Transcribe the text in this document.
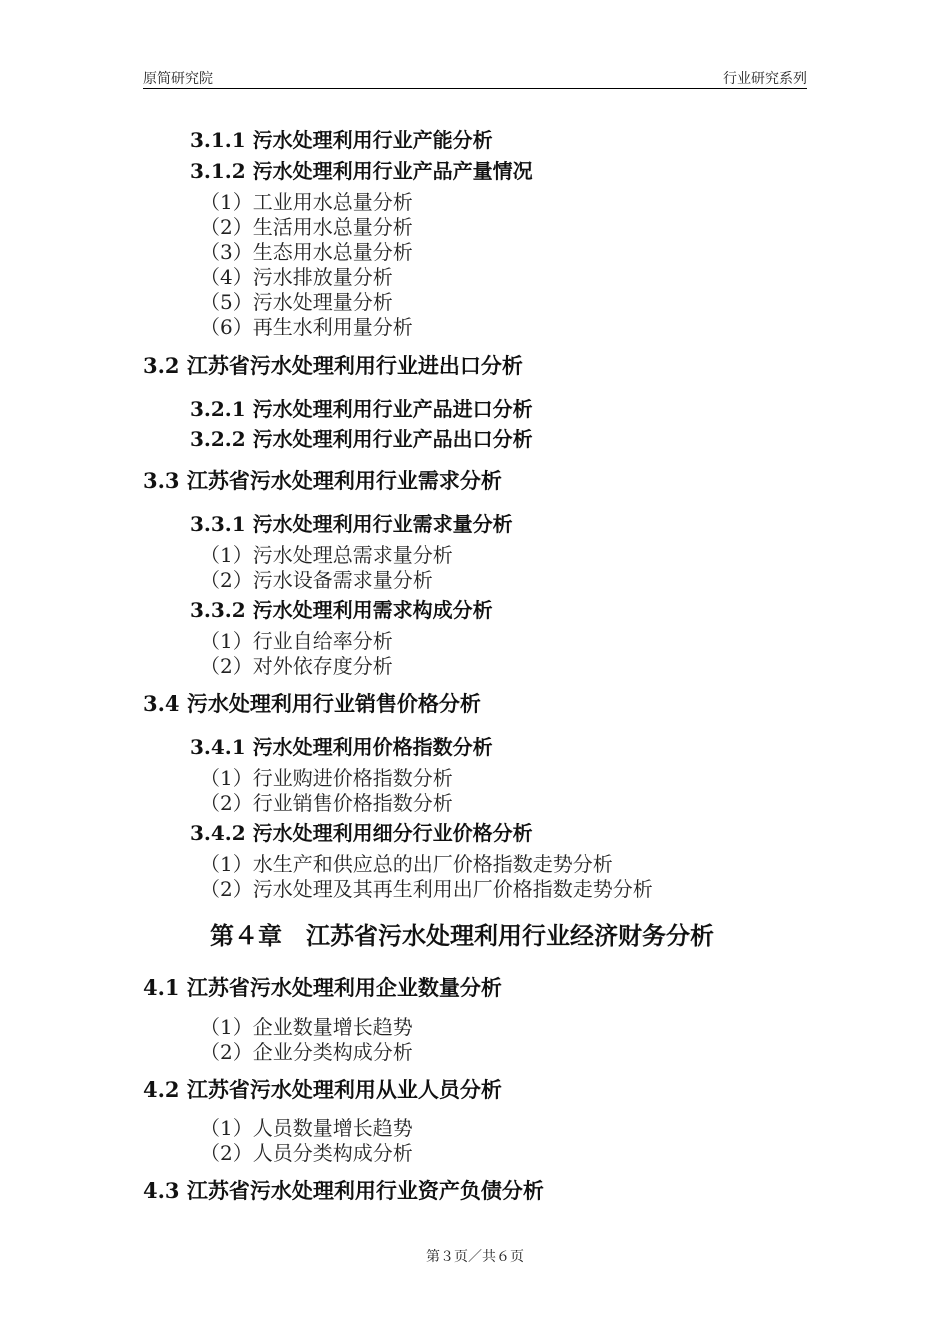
原简研究院	行业研究系列
3.1.1 污水处理利用行业产能分析
3.1.2 污水处理利用行业产品产量情况
（1）工业用水总量分析
（2）生活用水总量分析
（3）生态用水总量分析
（4）污水排放量分析
（5）污水处理量分析
（6）再生水利用量分析
3.2 江苏省污水处理利用行业进出口分析
3.2.1 污水处理利用行业产品进口分析
3.2.2 污水处理利用行业产品出口分析
3.3 江苏省污水处理利用行业需求分析
3.3.1 污水处理利用行业需求量分析
（1）污水处理总需求量分析
（2）污水设备需求量分析
3.3.2 污水处理利用需求构成分析
（1）行业自给率分析
（2）对外依存度分析
3.4 污水处理利用行业销售价格分析
3.4.1 污水处理利用价格指数分析
（1）行业购进价格指数分析
（2）行业销售价格指数分析
3.4.2 污水处理利用细分行业价格分析
（1）水生产和供应总的出厂价格指数走势分析
（2）污水处理及其再生利用出厂价格指数走势分析
第４章　江苏省污水处理利用行业经济财务分析
4.1 江苏省污水处理利用企业数量分析
（1）企业数量增长趋势
（2）企业分类构成分析
4.2 江苏省污水处理利用从业人员分析
（1）人员数量增长趋势
（2）人员分类构成分析
4.3 江苏省污水处理利用行业资产负债分析
第３页／共６页
